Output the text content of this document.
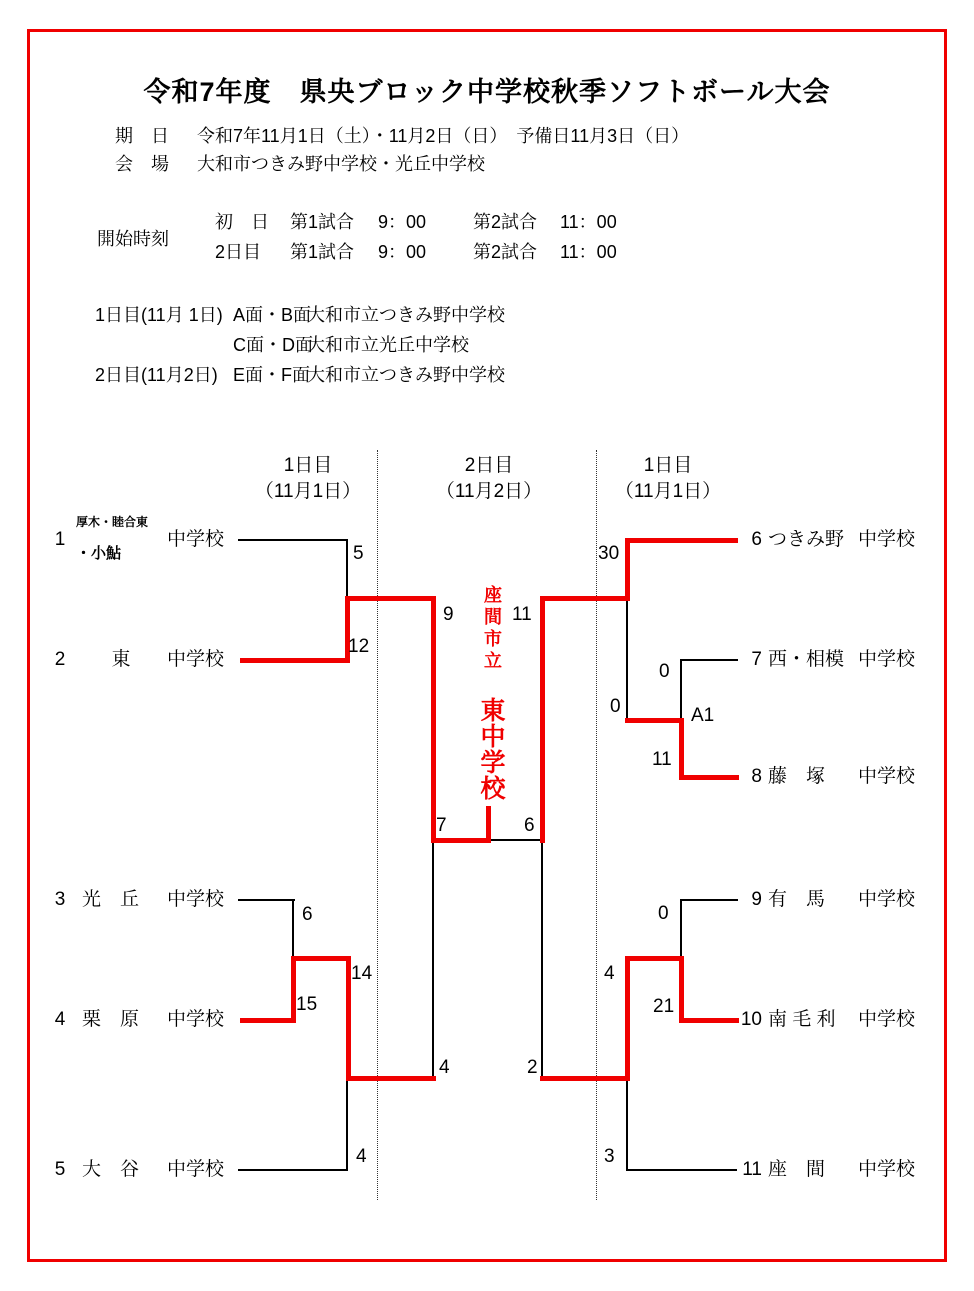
令和7年度　県央ブロック中学校秋季ソフトボール大会
期　日 令和7年11月1日（土）・11月2日（日）　予備日11月3日（日）
会　場 大和市つきみ野中学校・光丘中学校
開始時刻
初　日 第1試合 9：00	第2試合 11：00
2日目 第1試合 9：00	第2試合 11：00
1日目(11月 1日) A面・B面
大和市立つきみ野中学校
C面・D面
大和市立光丘中学校
2日目(11月2日) E面・F面
大和市立つきみ野中学校
1日目
（11月1日）
2日目
（11月2日）
1日目
（11月1日）
座間市立
東中学校
1
厚木・睦合東
・小鮎
中学校
2	東	中学校
3 光　丘	中学校
4 栗　原	中学校
5 大　谷	中学校
6 つきみ野 中学校
7 西・相模 中学校
8 藤　塚	中学校
9 有　馬	中学校
10 南 毛 利	中学校
11 座　間	中学校
5
12
9
4
11
2
7	6
30
0
0
11
A1
6
15
14
4
0
21
4
3
